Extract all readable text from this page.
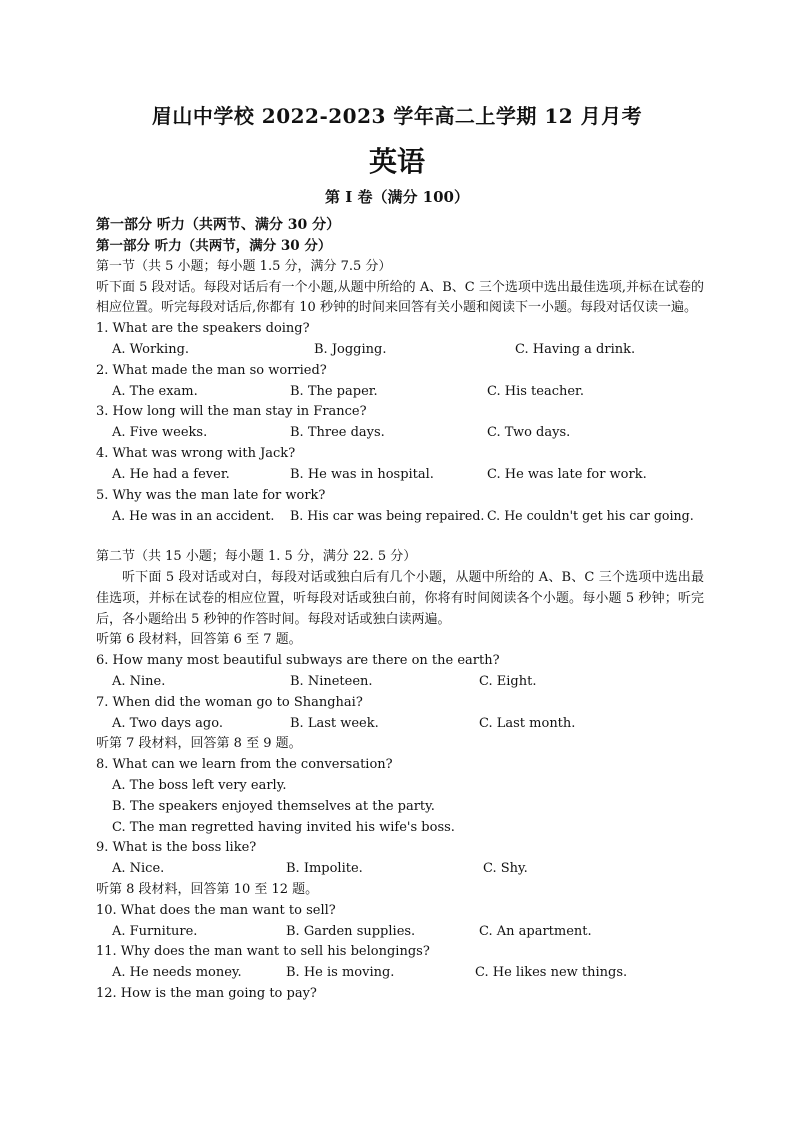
眉山中学校 2022-2023 学年高二上学期 12 月月考
英语
第 I 卷（满分 100）
第一部分 听力（共两节、满分 30 分）
第一部分 听力（共两节，满分 30 分）
第一节（共 5 小题；每小题 1.5 分，满分 7.5 分）
听下面 5 段对话。每段对话后有一个小题,从题中所给的 A、B、C 三个选项中选出最佳选项,并标在试卷的相应位置。听完每段对话后,你都有 10 秒钟的时间来回答有关小题和阅读下一小题。每段对话仅读一遍。
1. What are the speakers doing?
A. Working.	B. Jogging.	C. Having a drink.
2. What made the man so worried?
A. The exam.	B. The paper.	C. His teacher.
3. How long will the man stay in France?
A. Five weeks.	B. Three days.	C. Two days.
4. What was wrong with Jack?
A. He had a fever.	B. He was in hospital.	C. He was late for work.
5. Why was the man late for work?
A. He was in an accident. B. His car was being repaired. C. He couldn't get his car going.
第二节（共 15 小题；每小题 1. 5 分，满分 22. 5 分）
听下面 5 段对话或对白，每段对话或独白后有几个小题，从题中所给的 A、B、C 三个选项中选出最佳选项，并标在试卷的相应位置，听每段对话或独白前，你将有时间阅读各个小题。每小题 5 秒钟；听完后，各小题给出 5 秒钟的作答时间。每段对话或独白读两遍。
听第 6 段材料，回答第 6 至 7 题。
6. How many most beautiful subways are there on the earth?
A. Nine.	B. Nineteen.	C. Eight.
7. When did the woman go to Shanghai?
A. Two days ago.	B. Last week.	C. Last month.
听第 7 段材料，回答第 8 至 9 题。
8. What can we learn from the conversation?
A. The boss left very early.
B. The speakers enjoyed themselves at the party.
C. The man regretted having invited his wife's boss.
9. What is the boss like?
A. Nice.	B. Impolite.	C. Shy.
听第 8 段材料，回答第 10 至 12 题。
10. What does the man want to sell?
A. Furniture.	B. Garden supplies.	C. An apartment.
11. Why does the man want to sell his belongings?
A. He needs money.	B. He is moving.	C. He likes new things.
12. How is the man going to pay?
